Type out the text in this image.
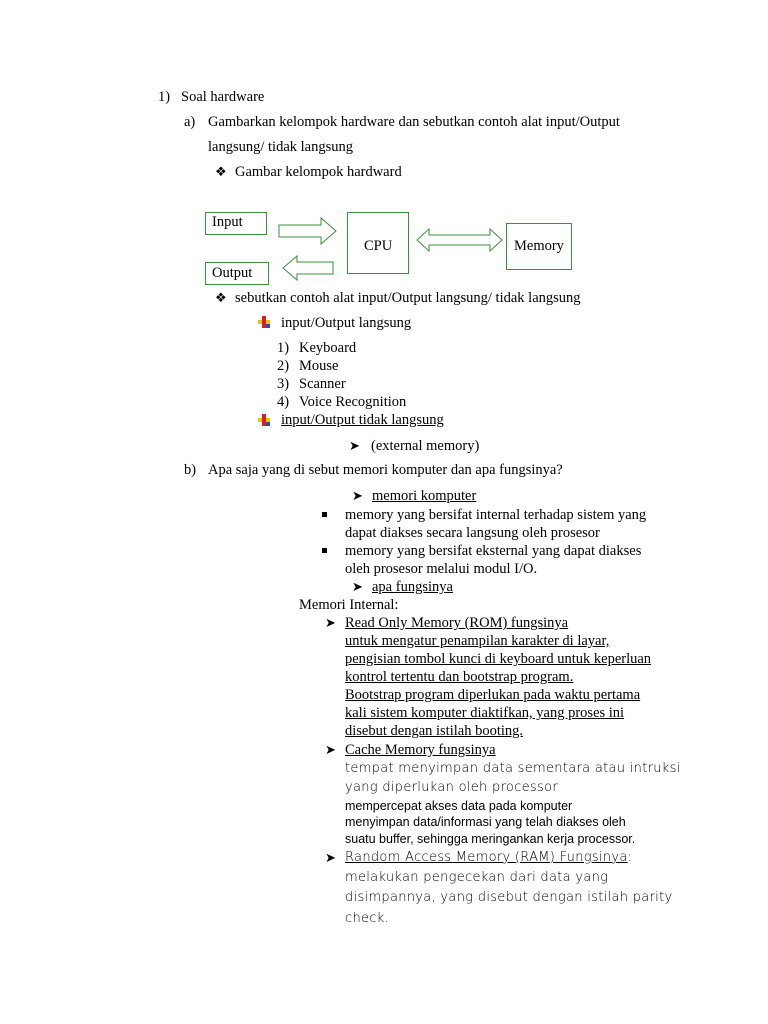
1) Soal hardware
a) Gambarkan kelompok hardware dan sebutkan contoh alat input/Output
langsung/ tidak langsung
❖ Gambar kelompok hardward
Input
Output
CPU	Memory
❖ sebutkan contoh alat input/Output langsung/ tidak langsung
input/Output langsung
1) Keyboard
2) Mouse
3) Scanner
4) Voice Recognition
input/Output tidak langsung
➤ (external memory)
b) Apa saja yang di sebut memori komputer dan apa fungsinya?
➤ memori komputer
memory yang bersifat internal terhadap sistem yang
dapat diakses secara langsung oleh prosesor
memory yang bersifat eksternal yang dapat diakses
oleh prosesor melalui modul I/O.
➤ apa fungsinya
Memori Internal:
➤ Read Only Memory (ROM) fungsinya
untuk mengatur penampilan karakter di layar,
pengisian tombol kunci di keyboard untuk keperluan
kontrol tertentu dan bootstrap program.
Bootstrap program diperlukan pada waktu pertama
kali sistem komputer diaktifkan, yang proses ini
disebut dengan istilah booting.
➤ Cache Memory fungsinya
tempat menyimpan data sementara atau intruksi
yang diperlukan oleh processor
mempercepat akses data pada komputer
menyimpan data/informasi yang telah diakses oleh
suatu buffer, sehingga meringankan kerja processor.
➤ Random Access Memory (RAM) Fungsinya:
melakukan pengecekan dari data yang
disimpannya, yang disebut dengan istilah parity
check.
